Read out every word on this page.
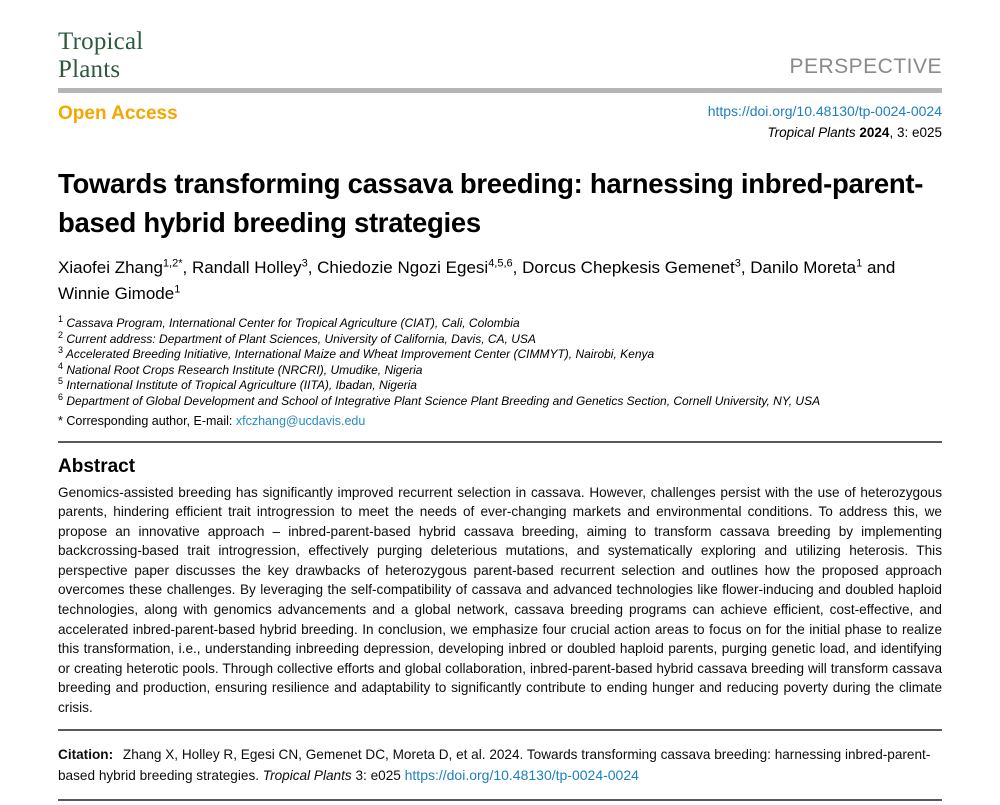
Tropical
Plants	PERSPECTIVE
Open Access	https://doi.org/10.48130/tp-0024-0024
Tropical Plants 2024, 3: e025
Towards transforming cassava breeding: harnessing inbred-parent-based hybrid breeding strategies
Xiaofei Zhang$^{1,2*}$, Randall Holley$^3$, Chiedozie Ngozi Egesi$^{4,5,6}$, Dorcus Chepkesis Gemenet$^3$, Danilo Moreta$^1$ and Winnie Gimode$^1$
$^1$ Cassava Program, International Center for Tropical Agriculture (CIAT), Cali, Colombia
$^2$ Current address: Department of Plant Sciences, University of California, Davis, CA, USA
$^3$ Accelerated Breeding Initiative, International Maize and Wheat Improvement Center (CIMMYT), Nairobi, Kenya
$^4$ National Root Crops Research Institute (NRCRI), Umudike, Nigeria
$^5$ International Institute of Tropical Agriculture (IITA), Ibadan, Nigeria
$^6$ Department of Global Development and School of Integrative Plant Science Plant Breeding and Genetics Section, Cornell University, NY, USA
* Corresponding author, E-mail: xfczhang@ucdavis.edu
Abstract

Genomics-assisted breeding has significantly improved recurrent selection in cassava. However, challenges persist with the use of heterozygous parents, hindering efficient trait introgression to meet the needs of ever-changing markets and environmental conditions. To address this, we propose an innovative approach – inbred-parent-based hybrid cassava breeding, aiming to transform cassava breeding by implementing backcrossing-based trait introgression, effectively purging deleterious mutations, and systematically exploring and utilizing heterosis. This perspective paper discusses the key drawbacks of heterozygous parent-based recurrent selection and outlines how the proposed approach overcomes these challenges. By leveraging the self-compatibility of cassava and advanced technologies like flower-inducing and doubled haploid technologies, along with genomics advancements and a global network, cassava breeding programs can achieve efficient, cost-effective, and accelerated inbred-parent-based hybrid breeding. In conclusion, we emphasize four crucial action areas to focus on for the initial phase to realize this transformation, i.e., understanding inbreeding depression, developing inbred or doubled haploid parents, purging genetic load, and identifying or creating heterotic pools. Through collective efforts and global collaboration, inbred-parent-based hybrid cassava breeding will transform cassava breeding and production, ensuring resilience and adaptability to significantly contribute to ending hunger and reducing poverty during the climate crisis.

Citation: Zhang X, Holley R, Egesi CN, Gemenet DC, Moreta D, et al. 2024. Towards transforming cassava breeding: harnessing inbred-parent-based hybrid breeding strategies. Tropical Plants 3: e025 https://doi.org/10.48130/tp-0024-0024
